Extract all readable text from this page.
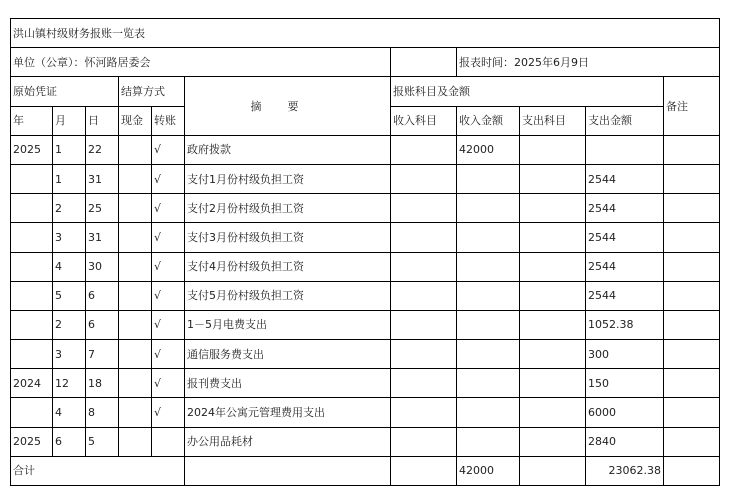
洪山镇村级财务报账一览表										
单位（公章）：怀河路居委会							报表时间：2025年6月9日			
原始凭证			结算方式		摘要	报账科目及金额				备注
年	月	日	现金	转账		收入科目	收入金额	支出科目	支出金额	
2025	1	22		√	政府拨款		42000			
	1	31		√	支付1月份村级负担工资				2544	
	2	25		√	支付2月份村级负担工资				2544	
	3	31		√	支付3月份村级负担工资				2544	
	4	30		√	支付4月份村级负担工资				2544	
	5	6		√	支付5月份村级负担工资				2544	
	2	6		√	1－5月电费支出				1052.38	
	3	7		√	通信服务费支出				300	
2024	12	18		√	报刊费支出				150	
	4	8		√	2024年公寓元管理费用支出				6000	
2025	6	5			办公用品耗材				2840	
合计							42000		23062.38	
